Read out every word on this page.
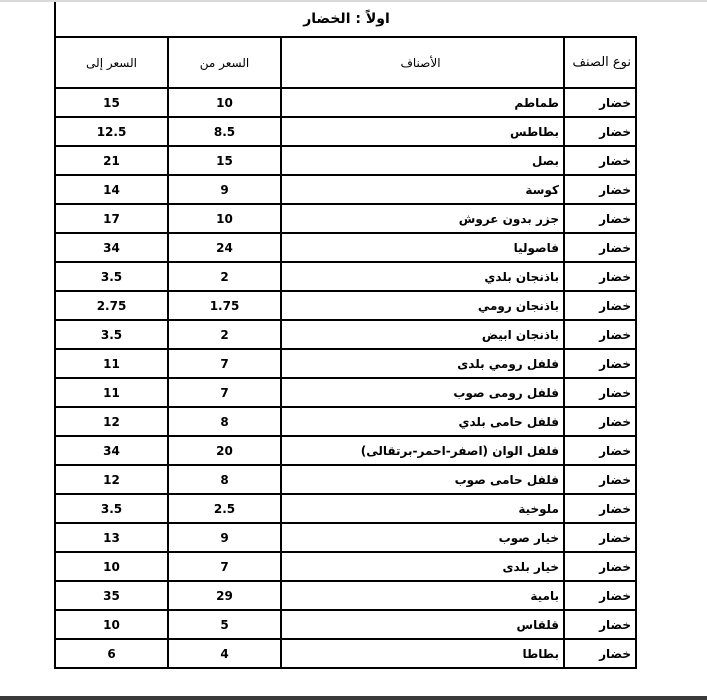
اولاً : الخضار
نوع الصنف	الأصناف	السعر من	السعر إلى
خضار	طماطم	10	15
خضار	بطاطس	8.5	12.5
خضار	بصل	15	21
خضار	كوسة	9	14
خضار	جزر بدون عروش	10	17
خضار	فاصوليا	24	34
خضار	باذنجان بلدي	2	3.5
خضار	باذنجان رومي	1.75	2.75
خضار	باذنجان ابيض	2	3.5
خضار	فلفل رومي بلدى	7	11
خضار	فلفل رومى صوب	7	11
خضار	فلفل حامى بلدي	8	12
خضار	فلفل الوان (اصفر-احمر-برتقالى)	20	34
خضار	فلفل حامى صوب	8	12
خضار	ملوخية	2.5	3.5
خضار	خيار صوب	9	13
خضار	خيار بلدى	7	10
خضار	بامية	29	35
خضار	قلقاس	5	10
خضار	بطاطا	4	6
